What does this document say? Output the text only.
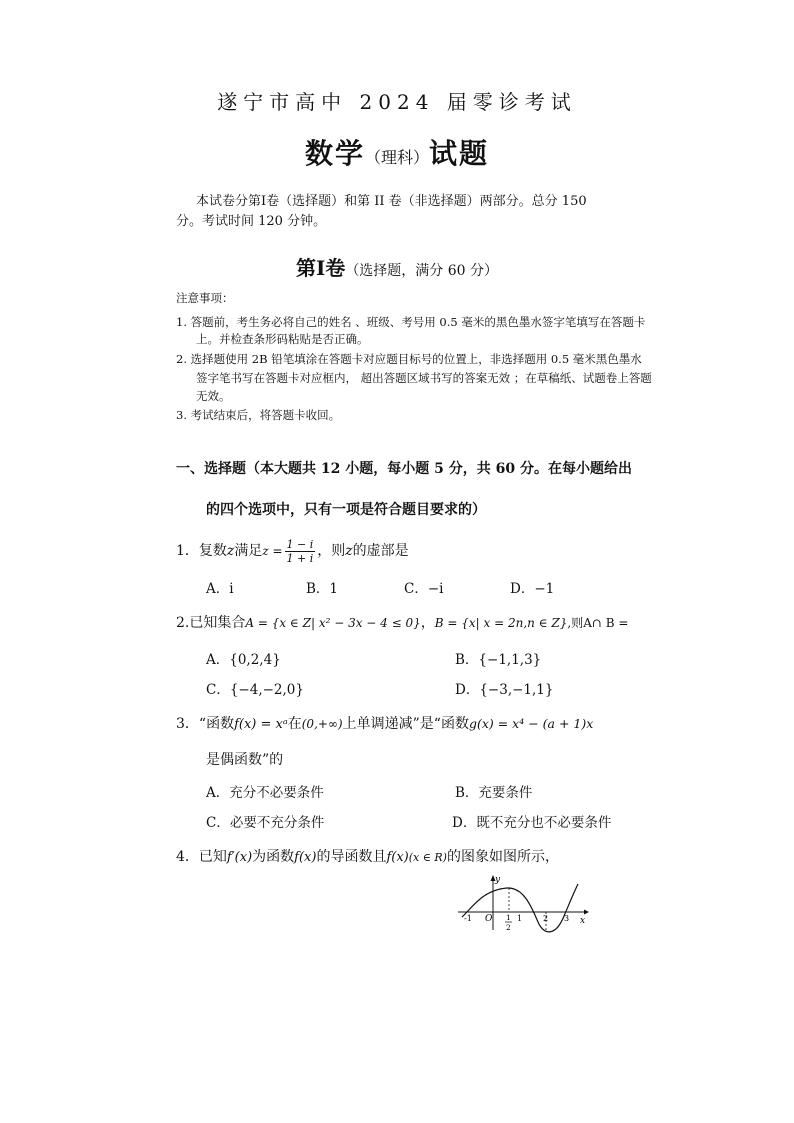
遂宁市高中 2024 届零诊考试
数学（理科）试题
本试卷分第Ⅰ卷（选择题）和第 II 卷（非选择题）两部分。总分 150
分。考试时间 120 分钟。
第Ⅰ卷（选择题，满分 60 分）
注意事项：
1. 答题前，考生务必将自己的姓名 、班级、考号用 0.5 毫米的黑色墨水签字笔填写在答题卡
上。并检查条形码粘贴是否正确。
2. 选择题使用 2B 铅笔填涂在答题卡对应题目标号的位置上，非选择题用 0.5 毫米黑色墨水
签字笔书写在答题卡对应框内， 超出答题区域书写的答案无效 ；在草稿纸、试题卷上答题
无效。
3. 考试结束后，将答题卡收回。
一、选择题（本大题共 12 小题，每小题 5 分，共 60 分。在每小题给出
的四个选项中，只有一项是符合题目要求的）
1．复数z满足$z = \frac{1 - i}{1 + i}$ ，则z的虚部是
A．i	B．1	C．−i	D．−1
2.已知集合A = {x ∈ Z| x² − 3x − 4 ≤ 0}，B = {x| x = 2n,n ∈ Z},则A∩ B =
A．{0,2,4}	B．{−1,1,3}
C．{−4,−2,0}	D．{−3,−1,1}
3．“函数f(x) = xᵃ在(0,+∞)上单调递减”是“函数g(x) = x⁴ − (a + 1)x
是偶函数”的
A．充分不必要条件	B．充要条件
C．必要不充分条件	D．既不充分也不必要条件
4．已知f′(x)为函数f(x)的导函数且f(x)(x ∈ R)的图象如图所示，
y
x
O
-1	1	2 3
1
2
